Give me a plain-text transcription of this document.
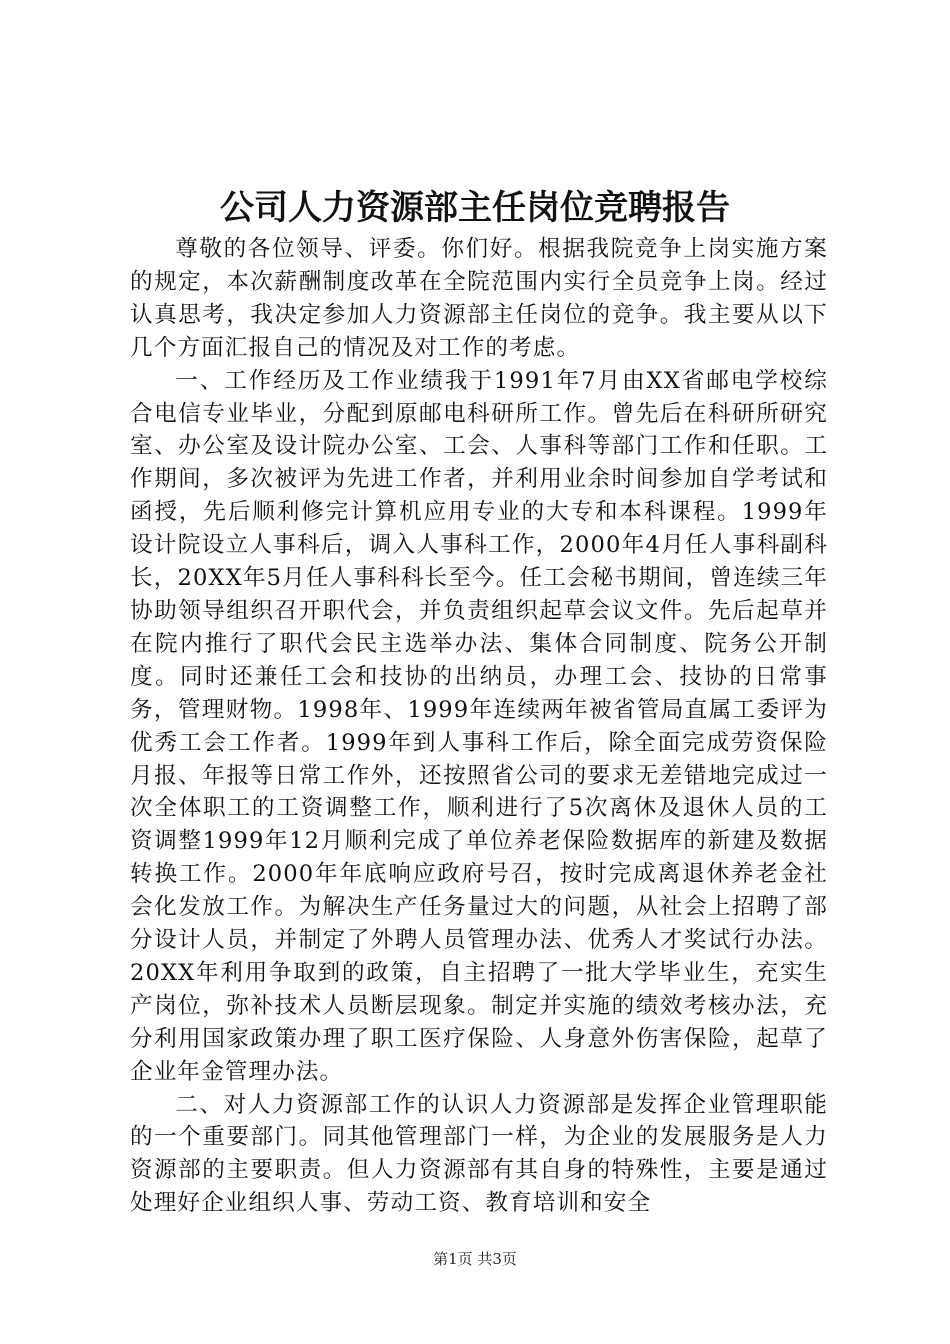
公司人力资源部主任岗位竞聘报告

尊敬的各位领导、评委。你们好。根据我院竞争上岗实施方案的规定，本次薪酬制度改革在全院范围内实行全员竞争上岗。经过认真思考，我决定参加人力资源部主任岗位的竞争。我主要从以下几个方面汇报自己的情况及对工作的考虑。

一、工作经历及工作业绩我于1991年7月由XX省邮电学校综合电信专业毕业，分配到原邮电科研所工作。曾先后在科研所研究室、办公室及设计院办公室、工会、人事科等部门工作和任职。工作期间，多次被评为先进工作者，并利用业余时间参加自学考试和函授，先后顺利修完计算机应用专业的大专和本科课程。1999年设计院设立人事科后，调入人事科工作，2000年4月任人事科副科长，20XX年5月任人事科科长至今。任工会秘书期间，曾连续三年协助领导组织召开职代会，并负责组织起草会议文件。先后起草并在院内推行了职代会民主选举办法、集体合同制度、院务公开制度。同时还兼任工会和技协的出纳员，办理工会、技协的日常事务，管理财物。1998年、1999年连续两年被省管局直属工委评为优秀工会工作者。1999年到人事科工作后，除全面完成劳资保险月报、年报等日常工作外，还按照省公司的要求无差错地完成过一次全体职工的工资调整工作，顺利进行了5次离休及退休人员的工资调整1999年12月顺利完成了单位养老保险数据库的新建及数据转换工作。2000年年底响应政府号召，按时完成离退休养老金社会化发放工作。为解决生产任务量过大的问题，从社会上招聘了部分设计人员，并制定了外聘人员管理办法、优秀人才奖试行办法。20XX年利用争取到的政策，自主招聘了一批大学毕业生，充实生产岗位，弥补技术人员断层现象。制定并实施的绩效考核办法，充分利用国家政策办理了职工医疗保险、人身意外伤害保险，起草了企业年金管理办法。

二、对人力资源部工作的认识人力资源部是发挥企业管理职能的一个重要部门。同其他管理部门一样，为企业的发展服务是人力资源部的主要职责。但人力资源部有其自身的特殊性，主要是通过处理好企业组织人事、劳动工资、教育培训和安全

第1页 共3页
